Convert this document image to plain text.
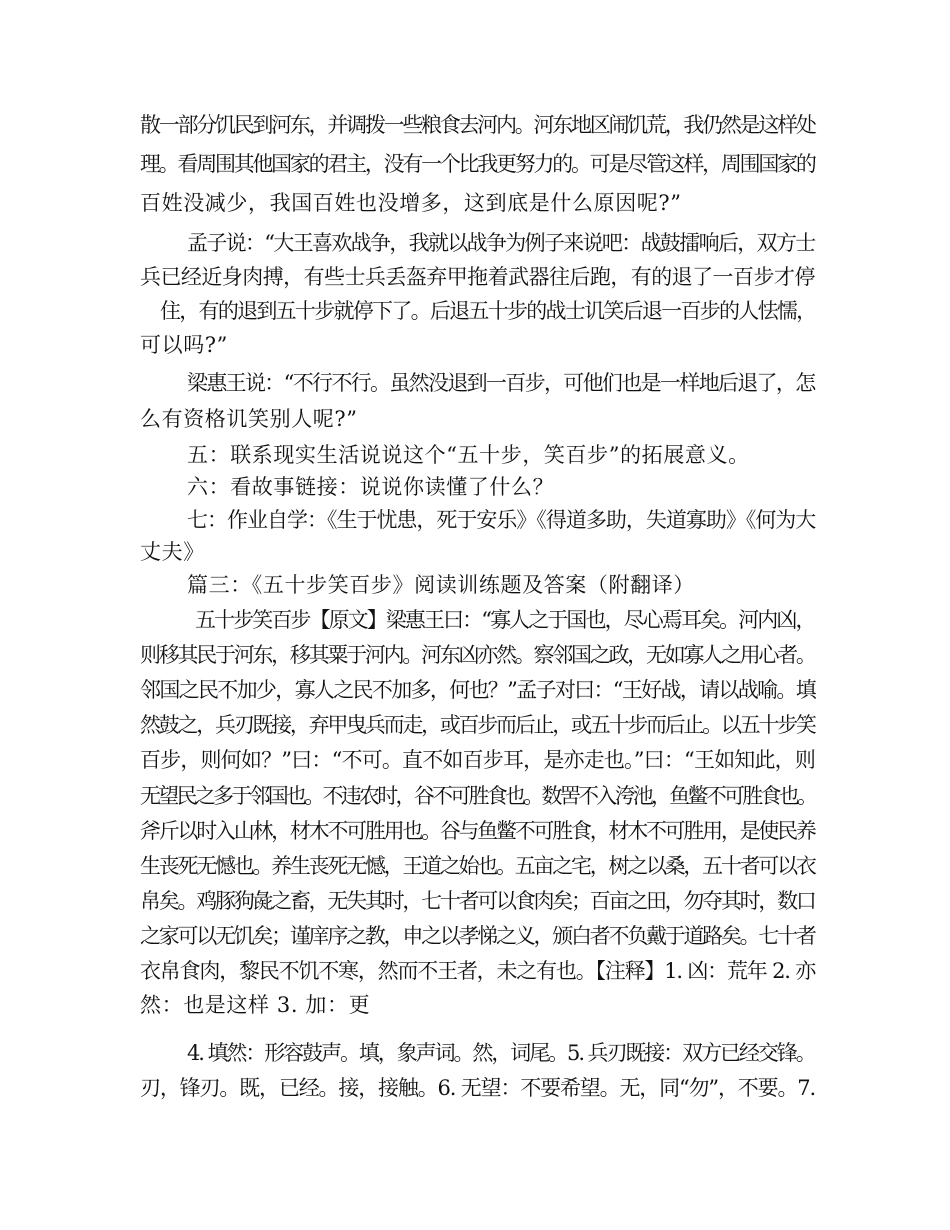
散一部分饥民到河东，并调拨一些粮食去河内。河东地区闹饥荒，我仍然是这样处
理。看周围其他国家的君主，没有一个比我更努力的。可是尽管这样，周围国家的
百姓没减少，我国百姓也没增多，这到底是什么原因呢?”
孟子说：“大王喜欢战争，我就以战争为例子来说吧：战鼓擂响后，双方士
兵已经近身肉搏，有些士兵丢盔弃甲拖着武器往后跑，有的退了一百步才停
住，有的退到五十步就停下了。后退五十步的战士讥笑后退一百步的人怯懦，
可以吗?”
梁惠王说：“不行不行。虽然没退到一百步，可他们也是一样地后退了，怎
么有资格讥笑别人呢?”
五：联系现实生活说说这个“五十步，笑百步”的拓展意义。
六：看故事链接：说说你读懂了什么？
七：作业自学：《生于忧患，死于安乐》《得道多助，失道寡助》《何为大
丈夫》
篇三：《五十步笑百步》阅读训练题及答案（附翻译）
五十步笑百步【原文】梁惠王曰：“寡人之于国也，尽心焉耳矣。河内凶，
则移其民于河东，移其粟于河内。河东凶亦然。察邻国之政，无如寡人之用心者。
邻国之民不加少，寡人之民不加多，何也？”孟子对曰：“王好战，请以战喻。填
然鼓之，兵刃既接，弃甲曳兵而走，或百步而后止，或五十步而后止。以五十步笑
百步，则何如？”曰：“不可。直不如百步耳，是亦走也。”曰：“王如知此，则
无望民之多于邻国也。不违农时，谷不可胜食也。数罟不入洿池，鱼鳖不可胜食也。
斧斤以时入山林，材木不可胜用也。谷与鱼鳖不可胜食，材木不可胜用，是使民养
生丧死无憾也。养生丧死无憾，王道之始也。五亩之宅，树之以桑，五十者可以衣
帛矣。鸡豚狗彘之畜，无失其时，七十者可以食肉矣；百亩之田，勿夺其时，数口
之家可以无饥矣；谨庠序之教，申之以孝悌之义，颁白者不负戴于道路矣。七十者
衣帛食肉，黎民不饥不寒，然而不王者，未之有也。【注释】1. 凶：荒年 2. 亦
然：也是这样 3. 加：更
4. 填然：形容鼓声。填，象声词。然，词尾。5. 兵刃既接：双方已经交锋。
刃，锋刃。既，已经。接，接触。6. 无望：不要希望。无，同“勿”，不要。7.
